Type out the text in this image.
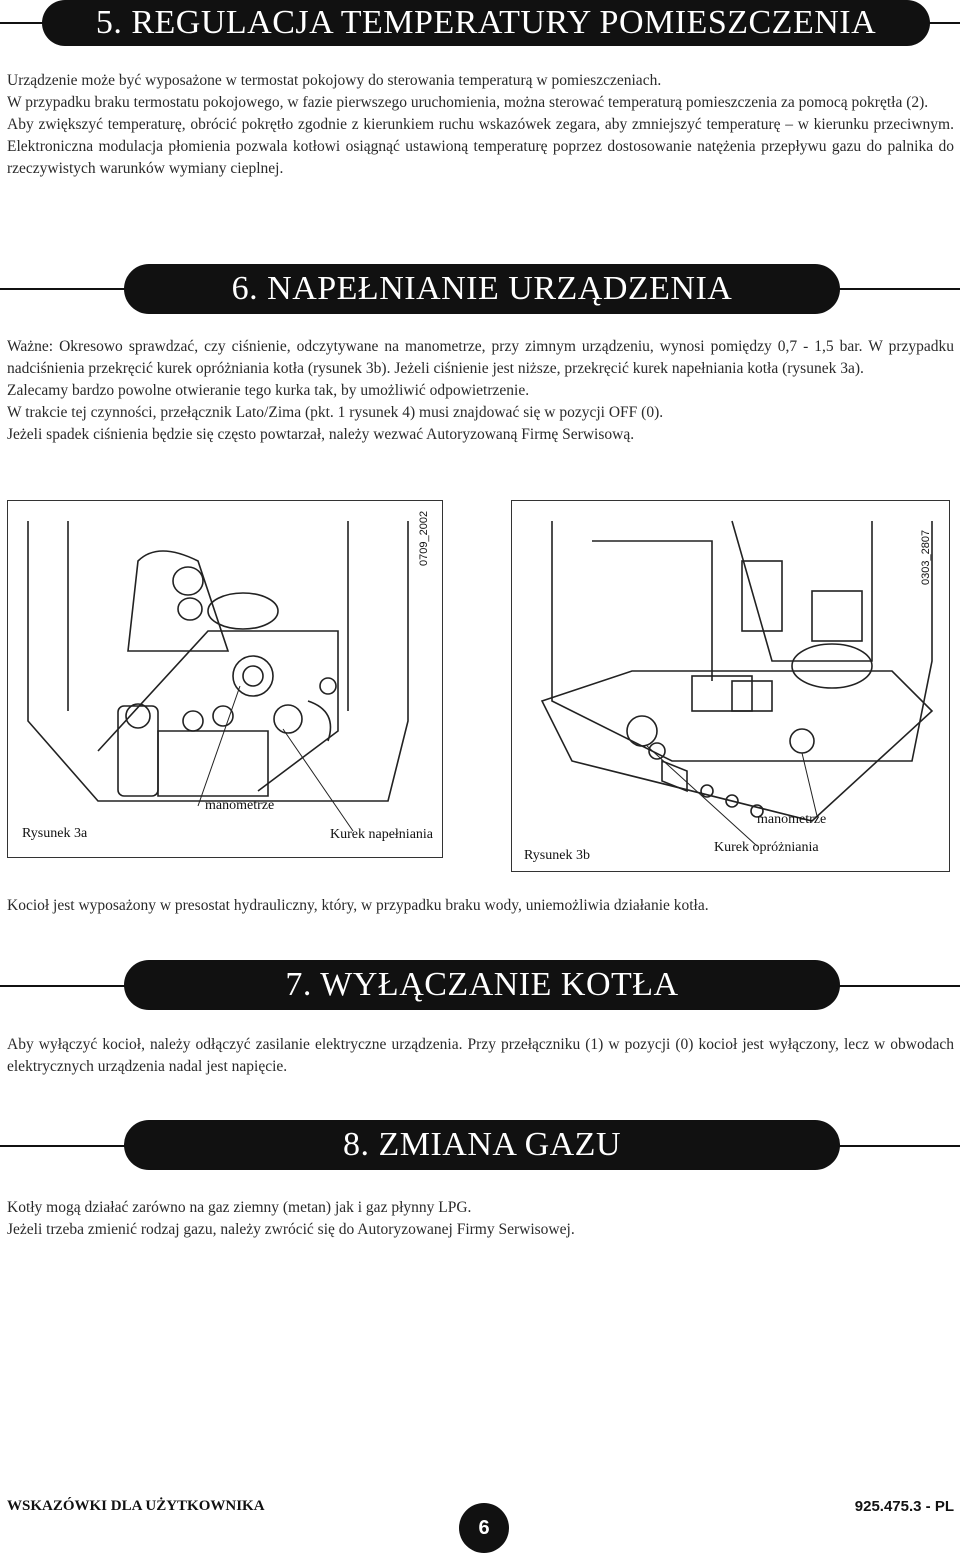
5. REGULACJA TEMPERATURY POMIESZCZENIA

Urządzenie może być wyposażone w termostat pokojowy do sterowania temperaturą w pomieszczeniach.

W przypadku braku termostatu pokojowego, w fazie pierwszego uruchomienia, można sterować temperaturą pomieszczenia za pomocą pokrętła (2).

Aby zwiększyć temperaturę, obrócić pokrętło zgodnie z kierunkiem ruchu wskazówek zegara, aby zmniejszyć temperaturę – w kierunku przeciwnym. Elektroniczna modulacja płomienia pozwala kotłowi osiągnąć ustawioną temperaturę poprzez dostosowanie natężenia przepływu gazu do palnika do rzeczywistych warunków wymiany cieplnej.

6. NAPEŁNIANIE URZĄDZENIA

Ważne: Okresowo sprawdzać, czy ciśnienie, odczytywane na manometrze, przy zimnym urządzeniu, wynosi pomiędzy 0,7 - 1,5 bar. W przypadku nadciśnienia przekręcić kurek opróżniania kotła (rysunek 3b). Jeżeli ciśnienie jest niższe, przekręcić kurek napełniania kotła (rysunek 3a).

Zalecamy bardzo powolne otwieranie tego kurka tak, by umożliwić odpowietrzenie.

W trakcie tej czynności, przełącznik Lato/Zima (pkt. 1 rysunek 4) musi znajdować się w pozycji OFF (0).

Jeżeli spadek ciśnienia będzie się często powtarzał, należy wezwać Autoryzowaną Firmę Serwisową.

0709_2002
Rysunek 3a
manometrze
Kurek napełniania
0303_2807
Rysunek 3b
manometrze
Kurek opróżniania

Kocioł jest wyposażony w presostat hydrauliczny, który, w przypadku braku wody, uniemożliwia działanie kotła.

7. WYŁĄCZANIE KOTŁA

Aby wyłączyć kocioł, należy odłączyć zasilanie elektryczne urządzenia. Przy przełączniku (1) w pozycji (0) kocioł jest wyłączony, lecz w obwodach elektrycznych urządzenia nadal jest napięcie.

8. ZMIANA GAZU

Kotły mogą działać zarówno na gaz ziemny (metan) jak i gaz płynny LPG.

Jeżeli trzeba zmienić rodzaj gazu, należy zwrócić się do Autoryzowanej Firmy Serwisowej.

WSKAZÓWKI DLA UŻYTKOWNIKA
6
925.475.3 - PL
